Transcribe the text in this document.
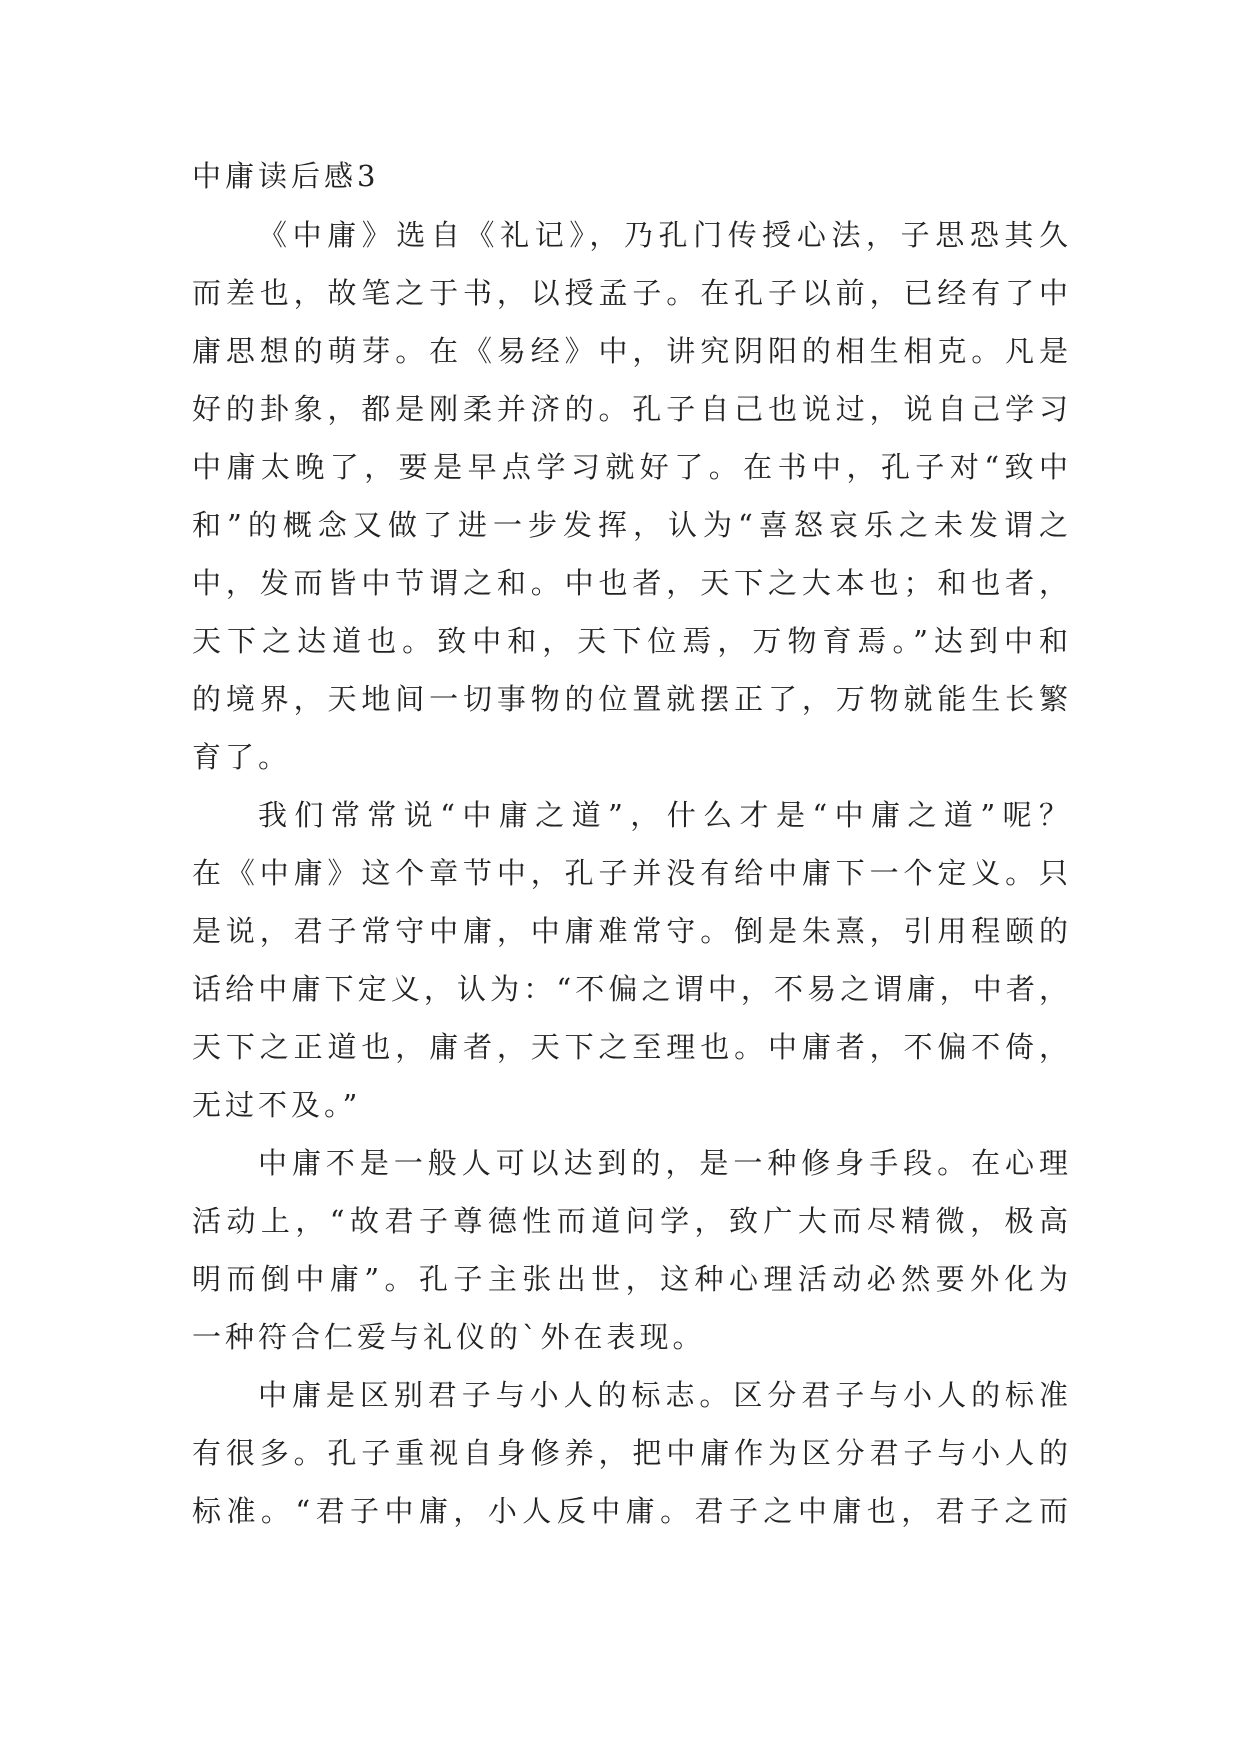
中庸读后感3
《中庸》选自《礼记》，乃孔门传授心法，子思恐其久
而差也，故笔之于书，以授孟子。在孔子以前，已经有了中
庸思想的萌芽。在《易经》中，讲究阴阳的相生相克。凡是
好的卦象，都是刚柔并济的。孔子自己也说过，说自己学习
中庸太晚了，要是早点学习就好了。在书中，孔子对“致中
和”的概念又做了进一步发挥，认为“喜怒哀乐之未发谓之
中，发而皆中节谓之和。中也者，天下之大本也；和也者，
天下之达道也。致中和，天下位焉，万物育焉。”达到中和
的境界，天地间一切事物的位置就摆正了，万物就能生长繁
育了。
我们常常说“中庸之道”，什么才是“中庸之道”呢？
在《中庸》这个章节中，孔子并没有给中庸下一个定义。只
是说，君子常守中庸，中庸难常守。倒是朱熹，引用程颐的
话给中庸下定义，认为：“不偏之谓中，不易之谓庸，中者，
天下之正道也，庸者，天下之至理也。中庸者，不偏不倚，
无过不及。”
中庸不是一般人可以达到的，是一种修身手段。在心理
活动上，“故君子尊德性而道问学，致广大而尽精微，极高
明而倒中庸”。孔子主张出世，这种心理活动必然要外化为
一种符合仁爱与礼仪的`外在表现。
中庸是区别君子与小人的标志。区分君子与小人的标准
有很多。孔子重视自身修养，把中庸作为区分君子与小人的
标准。“君子中庸，小人反中庸。君子之中庸也，君子之而
